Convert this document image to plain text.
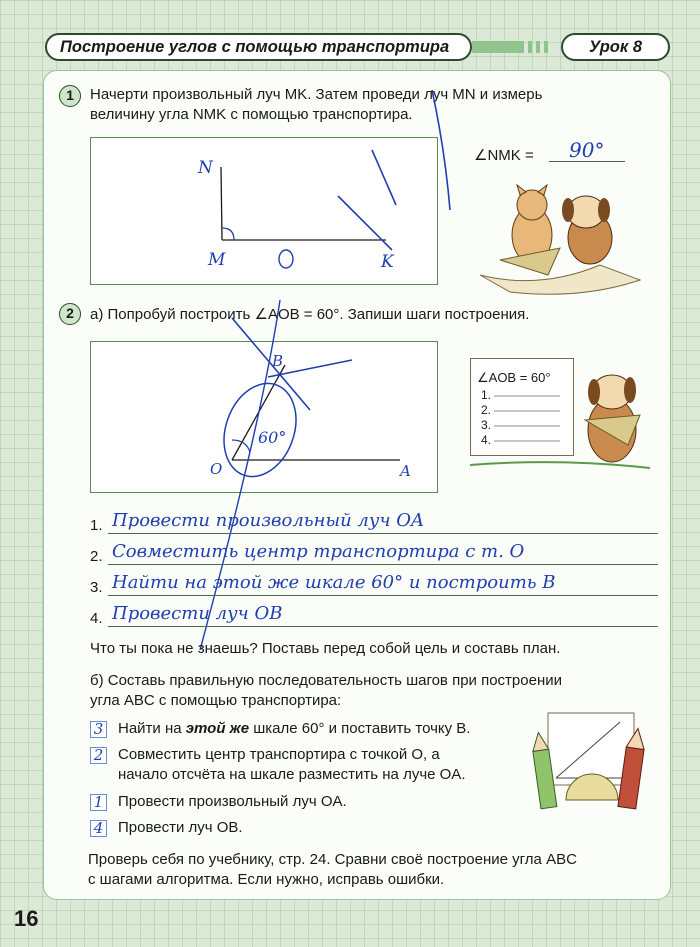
Построение углов с помощью транспортира	Урок 8
1	Начерти произвольный луч MK. Затем проведи луч MN и измерь
величину угла NMK с помощью транспортира.
N
M	K
∠NMK = 90°
2	а) Попробуй построить ∠AOB = 60°. Запиши шаги построения.
B
O	A
60°
∠AOB = 60°
1.
2.
3.
4.
1. Провести произвольный луч OA
2. Совместить центр транспортира с т. O
3. Найти на этой же шкале 60° и построить B
4. Провести луч OB
Что ты пока не знаешь? Поставь перед собой цель и составь план.
б) Составь правильную последовательность шагов при построении
угла ABC с помощью транспортира:
3 Найти на этой же шкале 60° и поставить точку B.
2 Совместить центр транспортира с точкой O, а
начало отсчёта на шкале разместить на луче OA.
1 Провести произвольный луч OA.
4 Провести луч OB.
Проверь себя по учебнику, стр. 24. Сравни своё построение угла ABC
с шагами алгоритма. Если нужно, исправь ошибки.
16
